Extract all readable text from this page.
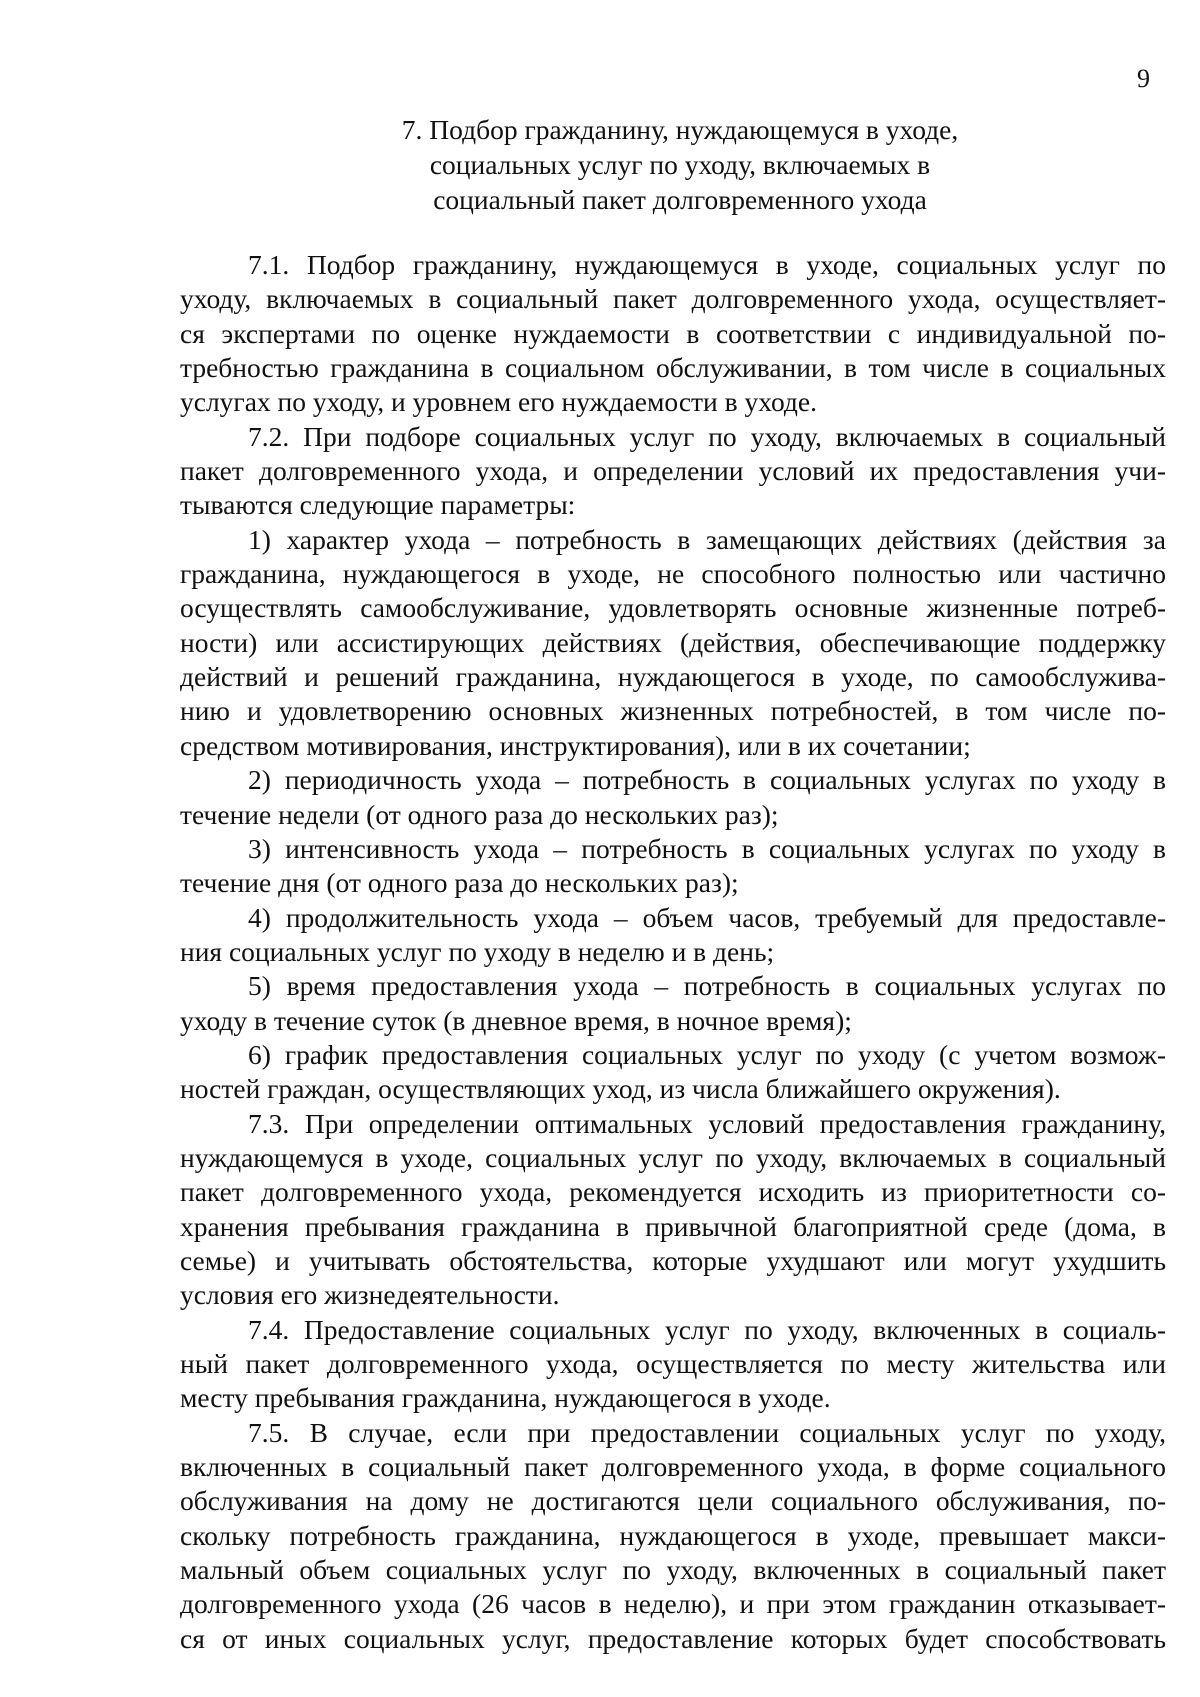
9
7. Подбор гражданину, нуждающемуся в уходе,
социальных услуг по уходу, включаемых в
социальный пакет долговременного ухода
7.1. Подбор гражданину, нуждающемуся в уходе, социальных услуг по
уходу, включаемых в социальный пакет долговременного ухода, осуществляет-
ся экспертами по оценке нуждаемости в соответствии с индивидуальной по-
требностью гражданина в социальном обслуживании, в том числе в социальных
услугах по уходу, и уровнем его нуждаемости в уходе.
7.2. При подборе социальных услуг по уходу, включаемых в социальный
пакет долговременного ухода, и определении условий их предоставления учи-
тываются следующие параметры:
1) характер ухода – потребность в замещающих действиях (действия за
гражданина, нуждающегося в уходе, не способного полностью или частично
осуществлять самообслуживание, удовлетворять основные жизненные потреб-
ности) или ассистирующих действиях (действия, обеспечивающие поддержку
действий и решений гражданина, нуждающегося в уходе, по самообслужива-
нию и удовлетворению основных жизненных потребностей, в том числе по-
средством мотивирования, инструктирования), или в их сочетании;
2) периодичность ухода – потребность в социальных услугах по уходу в
течение недели (от одного раза до нескольких раз);
3) интенсивность ухода – потребность в социальных услугах по уходу в
течение дня (от одного раза до нескольких раз);
4) продолжительность ухода – объем часов, требуемый для предоставле-
ния социальных услуг по уходу в неделю и в день;
5) время предоставления ухода – потребность в социальных услугах по
уходу в течение суток (в дневное время, в ночное время);
6) график предоставления социальных услуг по уходу (с учетом возмож-
ностей граждан, осуществляющих уход, из числа ближайшего окружения).
7.3. При определении оптимальных условий предоставления гражданину,
нуждающемуся в уходе, социальных услуг по уходу, включаемых в социальный
пакет долговременного ухода, рекомендуется исходить из приоритетности со-
хранения пребывания гражданина в привычной благоприятной среде (дома, в
семье) и учитывать обстоятельства, которые ухудшают или могут ухудшить
условия его жизнедеятельности.
7.4. Предоставление социальных услуг по уходу, включенных в социаль-
ный пакет долговременного ухода, осуществляется по месту жительства или
месту пребывания гражданина, нуждающегося в уходе.
7.5. В случае, если при предоставлении социальных услуг по уходу,
включенных в социальный пакет долговременного ухода, в форме социального
обслуживания на дому не достигаются цели социального обслуживания, по-
скольку потребность гражданина, нуждающегося в уходе, превышает макси-
мальный объем социальных услуг по уходу, включенных в социальный пакет
долговременного ухода (26 часов в неделю), и при этом гражданин отказывает-
ся от иных социальных услуг, предоставление которых будет способствовать
